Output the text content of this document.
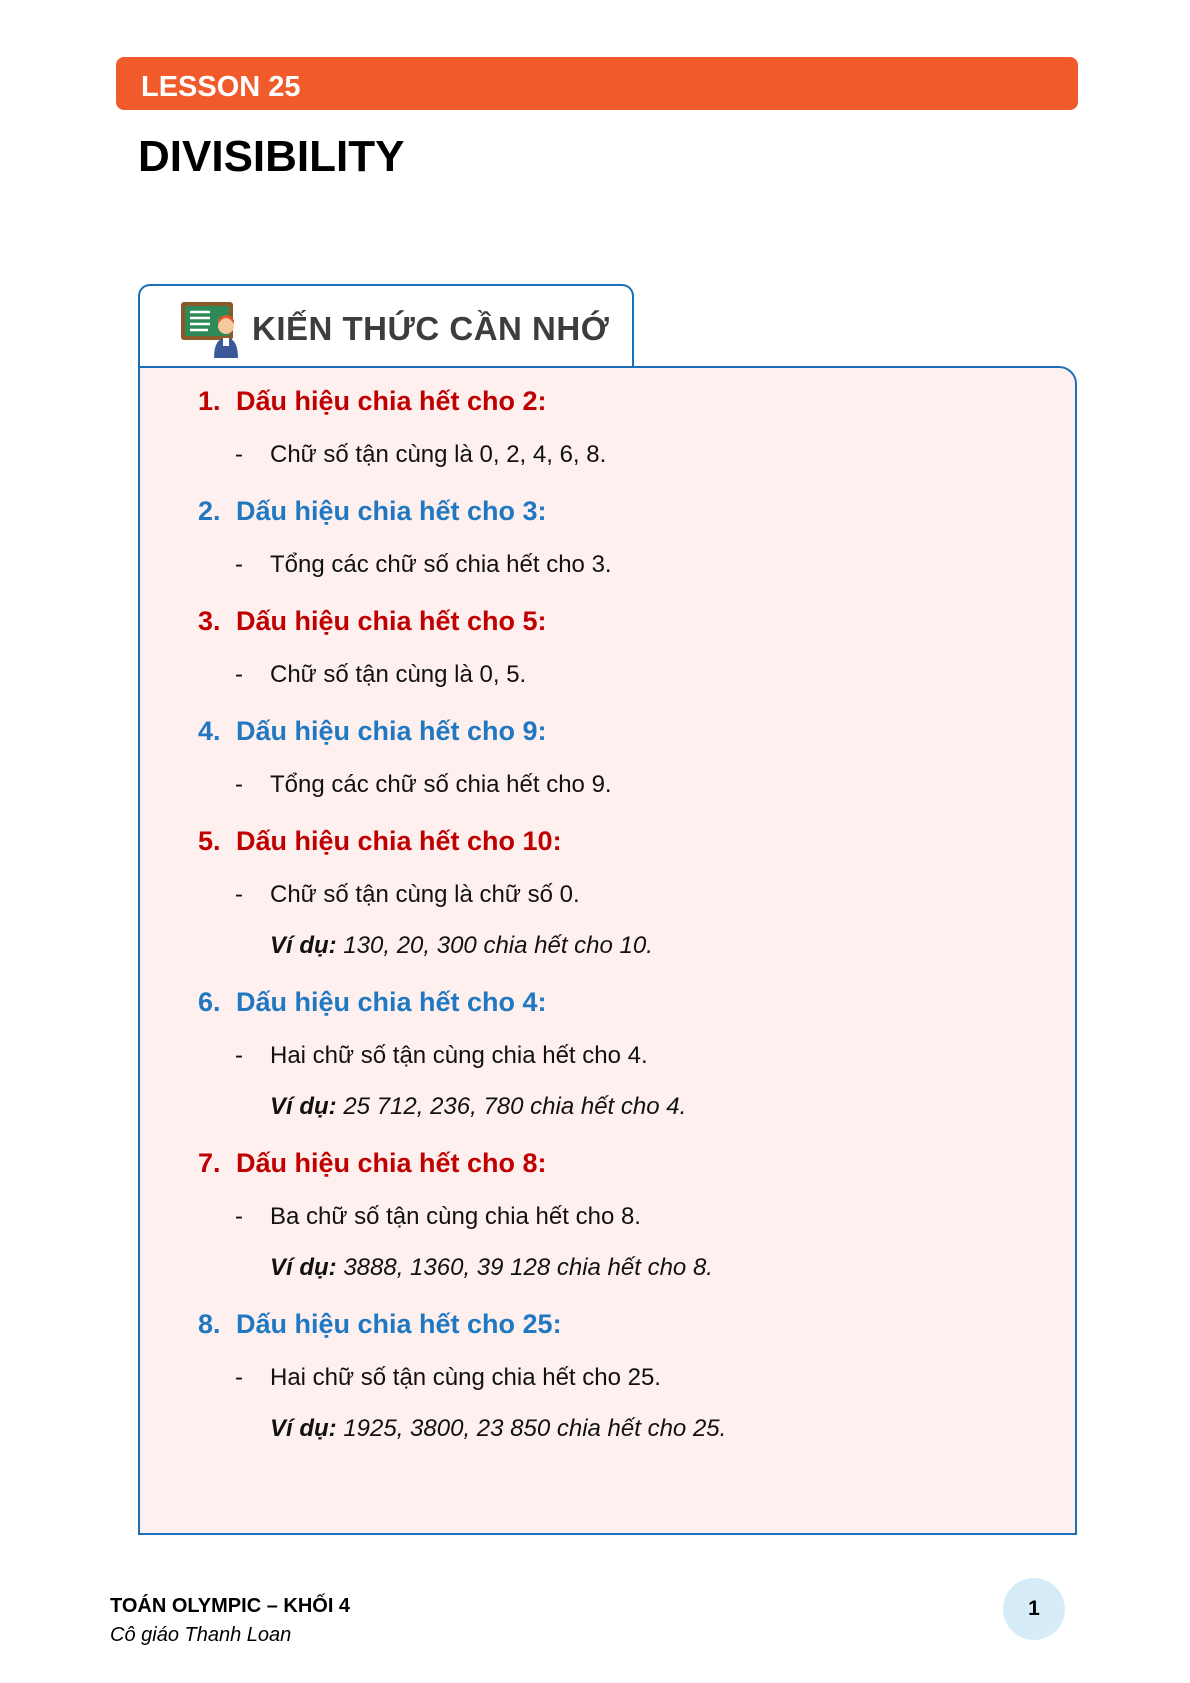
LESSON 25
DIVISIBILITY
KIẾN THỨC CẦN NHỚ
1. Dấu hiệu chia hết cho 2:
-	Chữ số tận cùng là 0, 2, 4, 6, 8.
2. Dấu hiệu chia hết cho 3:
-	Tổng các chữ số chia hết cho 3.
3. Dấu hiệu chia hết cho 5:
-	Chữ số tận cùng là 0, 5.
4. Dấu hiệu chia hết cho 9:
-	Tổng các chữ số chia hết cho 9.
5. Dấu hiệu chia hết cho 10:
-	Chữ số tận cùng là chữ số 0.
Ví dụ: 130, 20, 300 chia hết cho 10.
6. Dấu hiệu chia hết cho 4:
-	Hai chữ số tận cùng chia hết cho 4.
Ví dụ: 25 712, 236, 780 chia hết cho 4.
7. Dấu hiệu chia hết cho 8:
-	Ba chữ số tận cùng chia hết cho 8.
Ví dụ: 3888, 1360, 39 128 chia hết cho 8.
8. Dấu hiệu chia hết cho 25:
-	Hai chữ số tận cùng chia hết cho 25.
Ví dụ: 1925, 3800, 23 850 chia hết cho 25.
TOÁN OLYMPIC – KHỐI 4
Cô giáo Thanh Loan
1
